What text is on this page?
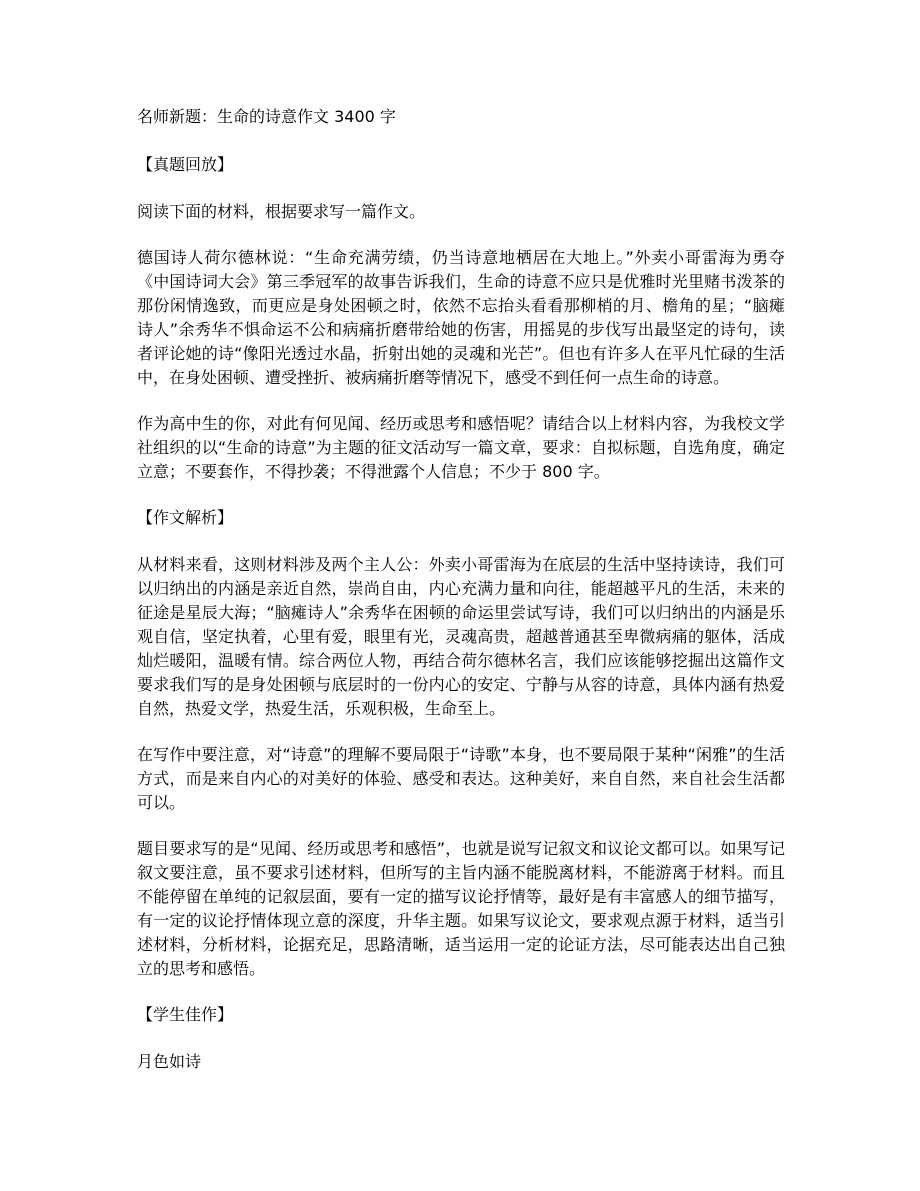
名师新题：生命的诗意作文 3400 字

【真题回放】

阅读下面的材料，根据要求写一篇作文。

德国诗人荷尔德林说：“生命充满劳绩，仍当诗意地栖居在大地上。”外卖小哥雷海为勇夺《中国诗词大会》第三季冠军的故事告诉我们，生命的诗意不应只是优雅时光里赌书泼茶的那份闲情逸致，而更应是身处困顿之时，依然不忘抬头看看那柳梢的月、檐角的星；“脑瘫诗人”余秀华不惧命运不公和病痛折磨带给她的伤害，用摇晃的步伐写出最坚定的诗句，读者评论她的诗“像阳光透过水晶，折射出她的灵魂和光芒”。但也有许多人在平凡忙碌的生活中，在身处困顿、遭受挫折、被病痛折磨等情况下，感受不到任何一点生命的诗意。

作为高中生的你，对此有何见闻、经历或思考和感悟呢？请结合以上材料内容，为我校文学社组织的以“生命的诗意”为主题的征文活动写一篇文章，要求：自拟标题，自选角度，确定立意；不要套作，不得抄袭；不得泄露个人信息；不少于 800 字。

【作文解析】

从材料来看，这则材料涉及两个主人公：外卖小哥雷海为在底层的生活中坚持读诗，我们可以归纳出的内涵是亲近自然，崇尚自由，内心充满力量和向往，能超越平凡的生活，未来的征途是星辰大海；“脑瘫诗人”余秀华在困顿的命运里尝试写诗，我们可以归纳出的内涵是乐观自信，坚定执着，心里有爱，眼里有光，灵魂高贵，超越普通甚至卑微病痛的躯体，活成灿烂暖阳，温暖有情。综合两位人物，再结合荷尔德林名言，我们应该能够挖掘出这篇作文要求我们写的是身处困顿与底层时的一份内心的安定、宁静与从容的诗意，具体内涵有热爱自然，热爱文学，热爱生活，乐观积极，生命至上。

在写作中要注意，对“诗意”的理解不要局限于“诗歌”本身，也不要局限于某种“闲雅”的生活方式，而是来自内心的对美好的体验、感受和表达。这种美好，来自自然，来自社会生活都可以。

题目要求写的是“见闻、经历或思考和感悟”，也就是说写记叙文和议论文都可以。如果写记叙文要注意，虽不要求引述材料，但所写的主旨内涵不能脱离材料，不能游离于材料。而且不能停留在单纯的记叙层面，要有一定的描写议论抒情等，最好是有丰富感人的细节描写，有一定的议论抒情体现立意的深度，升华主题。如果写议论文，要求观点源于材料，适当引述材料，分析材料，论据充足，思路清晰，适当运用一定的论证方法，尽可能表达出自己独立的思考和感悟。

【学生佳作】

月色如诗
